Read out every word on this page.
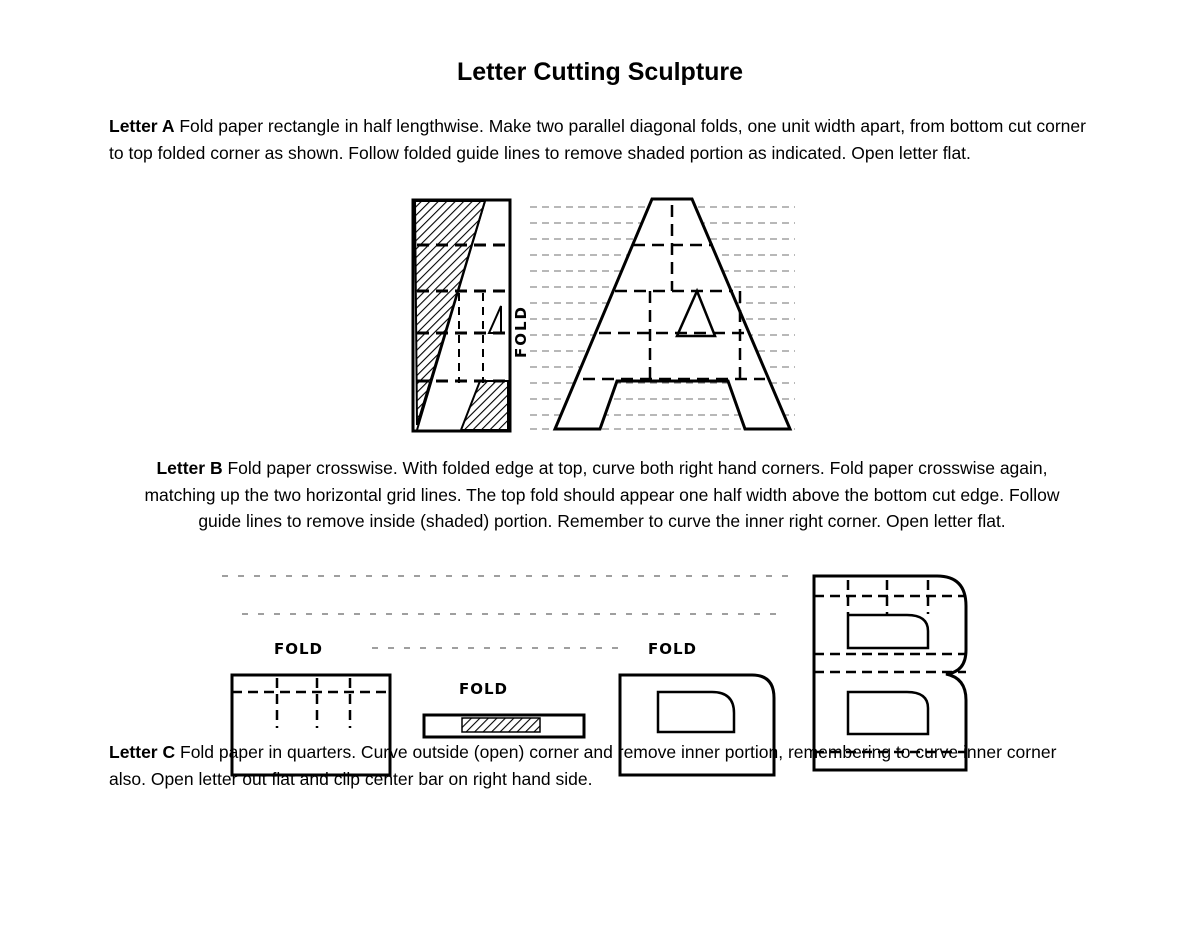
Letter Cutting Sculpture

Letter A Fold paper rectangle in half lengthwise. Make two parallel diagonal folds, one unit width apart, from bottom cut corner to top folded corner as shown. Follow folded guide lines to remove shaded portion as indicated. Open letter flat.

FOLD

Letter B Fold paper crosswise. With folded edge at top, curve both right hand corners. Fold paper crosswise again, matching up the two horizontal grid lines. The top fold should appear one half width above the bottom cut edge. Follow guide lines to remove inside (shaded) portion. Remember to curve the inner right corner. Open letter flat.

FOLD
FOLD
FOLD

Letter C Fold paper in quarters. Curve outside (open) corner and remove inner portion, remembering to curve inner corner also. Open letter out flat and clip center bar on right hand side.
